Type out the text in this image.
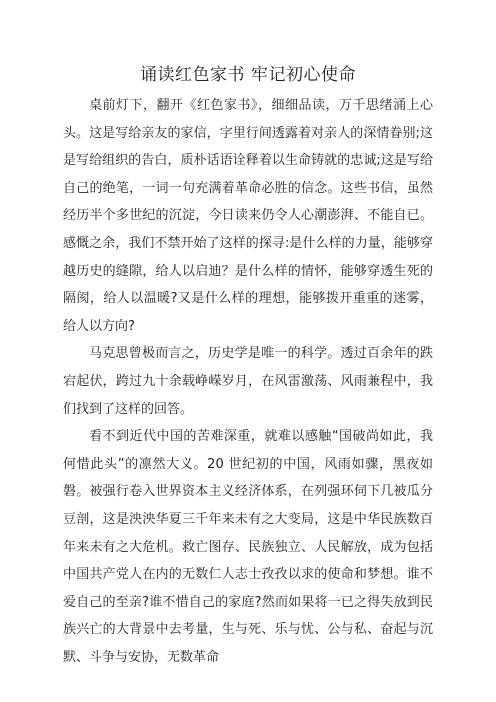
诵读红色家书 牢记初心使命

桌前灯下，翻开《红色家书》，细细品读，万千思绪涌上心头。这是写给亲友的家信，字里行间透露着对亲人的深情眷别;这是写给组织的告白，质朴话语诠释着以生命铸就的忠诚;这是写给自己的绝笔，一词一句充满着革命必胜的信念。这些书信，虽然经历半个多世纪的沉淀，今日读来仍令人心潮澎湃、不能自已。感慨之余，我们不禁开始了这样的探寻:是什么样的力量，能够穿越历史的缝隙，给人以启迪？是什么样的情怀，能够穿透生死的隔阂，给人以温暖?又是什么样的理想，能够拨开重重的迷雾，给人以方向?

马克思曾极而言之，历史学是唯一的科学。透过百余年的跌宕起伏，跨过九十余载峥嵘岁月，在风雷激荡、风雨兼程中，我们找到了这样的回答。

看不到近代中国的苦难深重，就难以感触“国破尚如此，我何惜此头”的凛然大义。20 世纪初的中国，风雨如骤，黑夜如磐。被强行卷入世界资本主义经济体系，在列强环伺下几被瓜分豆剖，这是泱泱华夏三千年来未有之大变局，这是中华民族数百年来未有之大危机。救亡图存、民族独立、人民解放，成为包括中国共产党人在内的无数仁人志士孜孜以求的使命和梦想。谁不爱自己的至亲?谁不惜自己的家庭?然而如果将一已之得失放到民族兴亡的大背景中去考量，生与死、乐与忧、公与私、奋起与沉默、斗争与安协，无数革命
